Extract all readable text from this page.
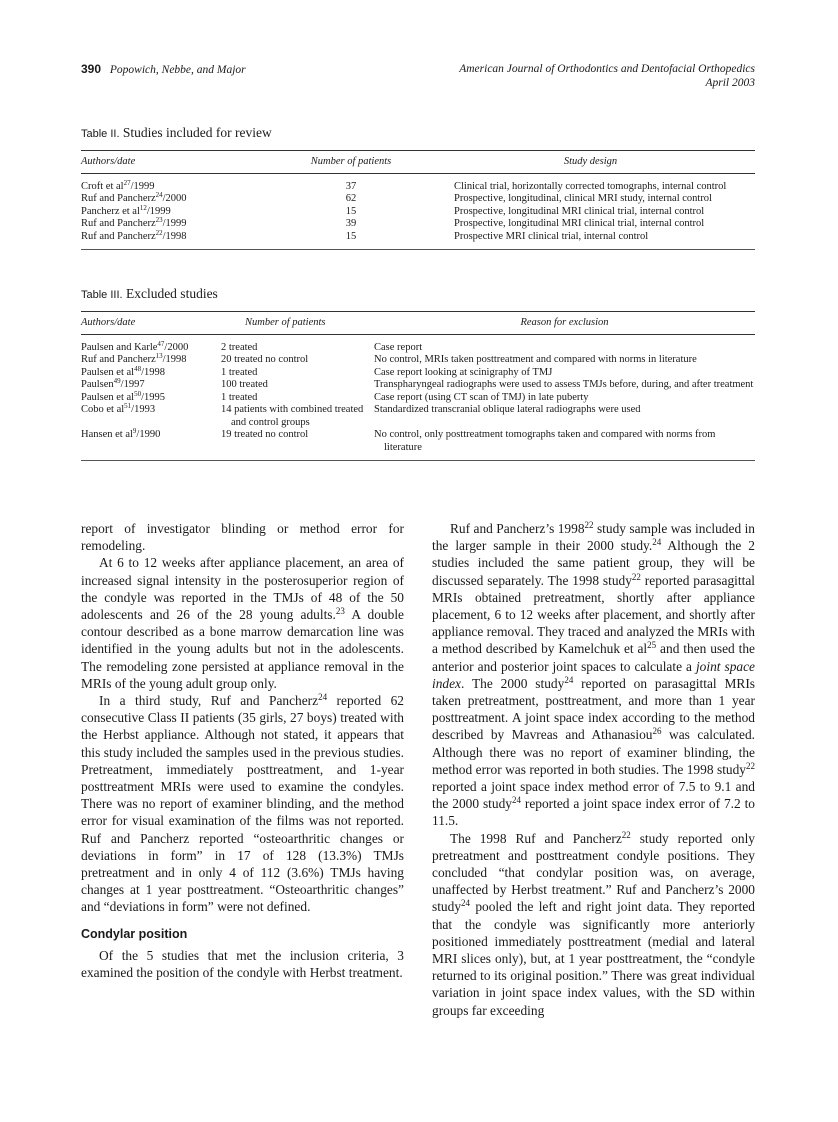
390 Popowich, Nebbe, and Major	American Journal of Orthodontics and Dentofacial Orthopedics
April 2003
Table II. Studies included for review
Authors/date	Number of patients	Study design
Croft et $al^{27}/1999$	37	Clinical trial, horizontally corrected tomographs, internal control
Ruf and Pancherz$^{24}$/2000	62	Prospective, longitudinal, clinical MRI study, internal control
Pancherz et $al^{12}/1999$	15	Prospective, longitudinal MRI clinical trial, internal control
Ruf and Pancherz$^{23}$/1999	39	Prospective, longitudinal MRI clinical trial, internal control
Ruf and Pancherz$^{22}$/1998	15	Prospective MRI clinical trial, internal control
Table III. Excluded studies
Authors/date	Number of patients	Reason for exclusion
Paulsen and Karle$^{47}$/2000	2 treated	Case report
Ruf and Pancherz$^{13}$/1998	20 treated no control	No control, MRIs taken posttreatment and compared with norms in literature
Paulsen et $al^{48}/1998$	1 treated	Case report looking at scinigraphy of TMJ
Paulsen$^{49}$/1997	100 treated	Transpharyngeal radiographs were used to assess TMJs before, during, and after treatment
Paulsen et $al^{50}/1995$	1 treated	Case report (using CT scan of TMJ) in late puberty
Cobo et $al^{51}/1993$	14 patients with combined treated and control groups	Standardized transcranial oblique lateral radiographs were used
Hansen et $al^9/1990$	19 treated no control	No control, only posttreatment tomographs taken and compared with norms from literature

report of investigator blinding or method error for remodeling.

At 6 to 12 weeks after appliance placement, an area of increased signal intensity in the posterosuperior region of the condyle was reported in the TMJs of 48 of the 50 adolescents and 26 of the 28 young adults.$^{23}$ A double contour described as a bone marrow demarcation line was identified in the young adults but not in the adolescents. The remodeling zone persisted at appliance removal in the MRIs of the young adult group only.

In a third study, Ruf and Pancherz$^{24}$ reported 62 consecutive Class II patients (35 girls, 27 boys) treated with the Herbst appliance. Although not stated, it appears that this study included the samples used in the previous studies. Pretreatment, immediately posttreatment, and 1-year posttreatment MRIs were used to examine the condyles. There was no report of examiner blinding, and the method error for visual examination of the films was not reported. Ruf and Pancherz reported “osteoarthritic changes or deviations in form” in 17 of 128 (13.3%) TMJs pretreatment and in only 4 of 112 (3.6%) TMJs having changes at 1 year posttreatment. “Osteoarthritic changes” and “deviations in form” were not defined.

Condylar position

Of the 5 studies that met the inclusion criteria, 3 examined the position of the condyle with Herbst treatment.

Ruf and Pancherz’s 1998$^{22}$ study sample was included in the larger sample in their 2000 study.$^{24}$ Although the 2 studies included the same patient group, they will be discussed separately. The 1998 study$^{22}$ reported parasagittal MRIs obtained pretreatment, shortly after appliance placement, 6 to 12 weeks after placement, and shortly after appliance removal. They traced and analyzed the MRIs with a method described by Kamelchuk et $al^{25}$ and then used the anterior and posterior joint spaces to calculate a joint space index. The 2000 study$^{24}$ reported on parasagittal MRIs taken pretreatment, posttreatment, and more than 1 year posttreatment. A joint space index according to the method described by Mavreas and Athanasiou$^{26}$ was calculated. Although there was no report of examiner blinding, the method error was reported in both studies. The 1998 study$^{22}$ reported a joint space index method error of 7.5 to 9.1 and the 2000 study$^{24}$ reported a joint space index error of 7.2 to 11.5.

The 1998 Ruf and Pancherz$^{22}$ study reported only pretreatment and posttreatment condyle positions. They concluded “that condylar position was, on average, unaffected by Herbst treatment.” Ruf and Pancherz’s 2000 study$^{24}$ pooled the left and right joint data. They reported that the condyle was significantly more anteriorly positioned immediately posttreatment (medial and lateral MRI slices only), but, at 1 year posttreatment, the “condyle returned to its original position.” There was great individual variation in joint space index values, with the SD within groups far exceeding
